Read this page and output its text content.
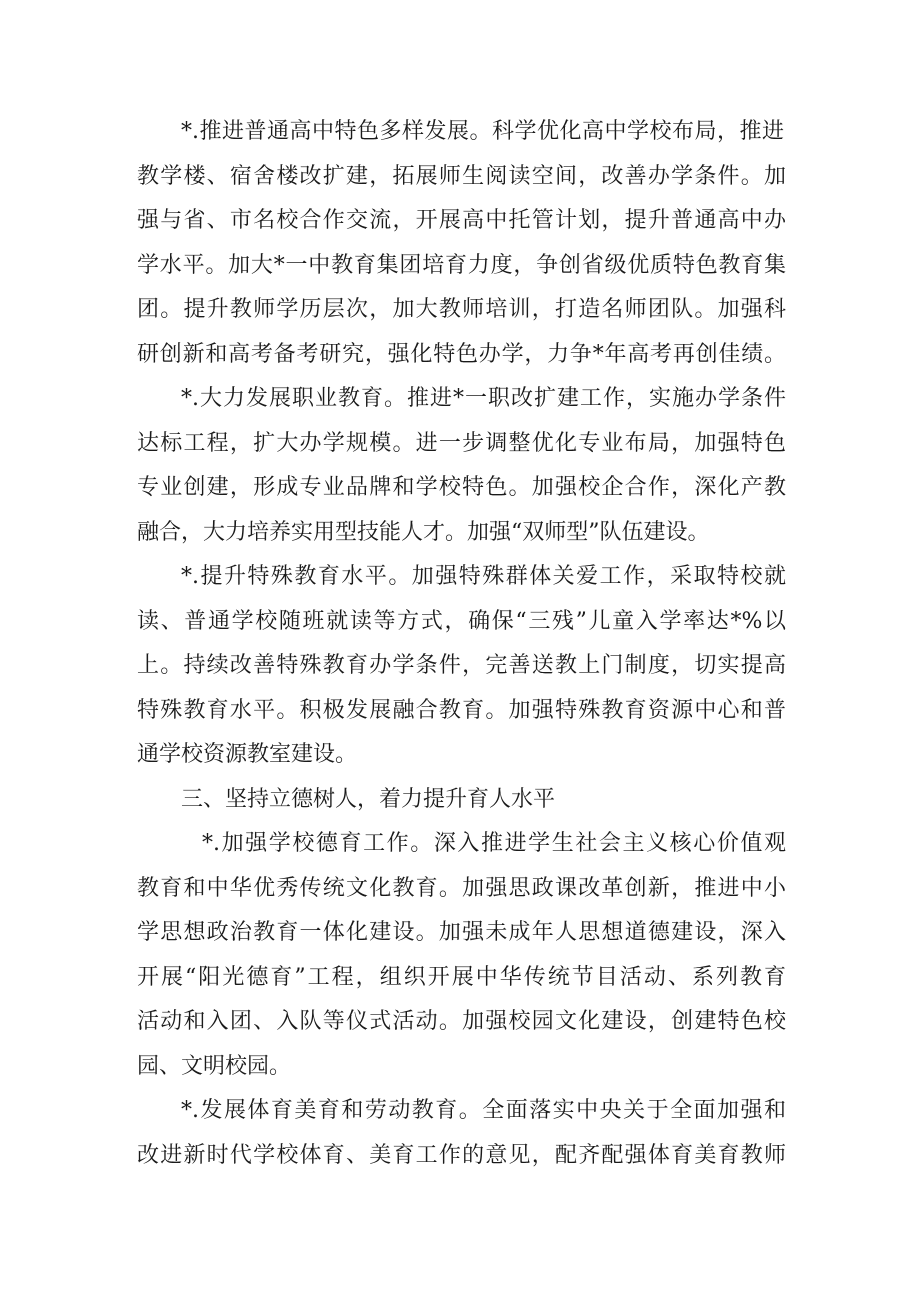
*.推进普通高中特色多样发展。科学优化高中学校布局，推进
教学楼、宿舍楼改扩建，拓展师生阅读空间，改善办学条件。加
强与省、市名校合作交流，开展高中托管计划，提升普通高中办
学水平。加大*一中教育集团培育力度，争创省级优质特色教育集
团。提升教师学历层次，加大教师培训，打造名师团队。加强科
研创新和高考备考研究，强化特色办学，力争*年高考再创佳绩。
*.大力发展职业教育。推进*一职改扩建工作，实施办学条件
达标工程，扩大办学规模。进一步调整优化专业布局，加强特色
专业创建，形成专业品牌和学校特色。加强校企合作，深化产教
融合，大力培养实用型技能人才。加强“双师型”队伍建设。
*.提升特殊教育水平。加强特殊群体关爱工作，采取特校就
读、普通学校随班就读等方式，确保“三残”儿童入学率达*%以
上。持续改善特殊教育办学条件，完善送教上门制度，切实提高
特殊教育水平。积极发展融合教育。加强特殊教育资源中心和普
通学校资源教室建设。
三、坚持立德树人，着力提升育人水平
*.加强学校德育工作。深入推进学生社会主义核心价值观
教育和中华优秀传统文化教育。加强思政课改革创新，推进中小
学思想政治教育一体化建设。加强未成年人思想道德建设，深入
开展“阳光德育”工程，组织开展中华传统节目活动、系列教育
活动和入团、入队等仪式活动。加强校园文化建设，创建特色校
园、文明校园。
*.发展体育美育和劳动教育。全面落实中央关于全面加强和
改进新时代学校体育、美育工作的意见，配齐配强体育美育教师
